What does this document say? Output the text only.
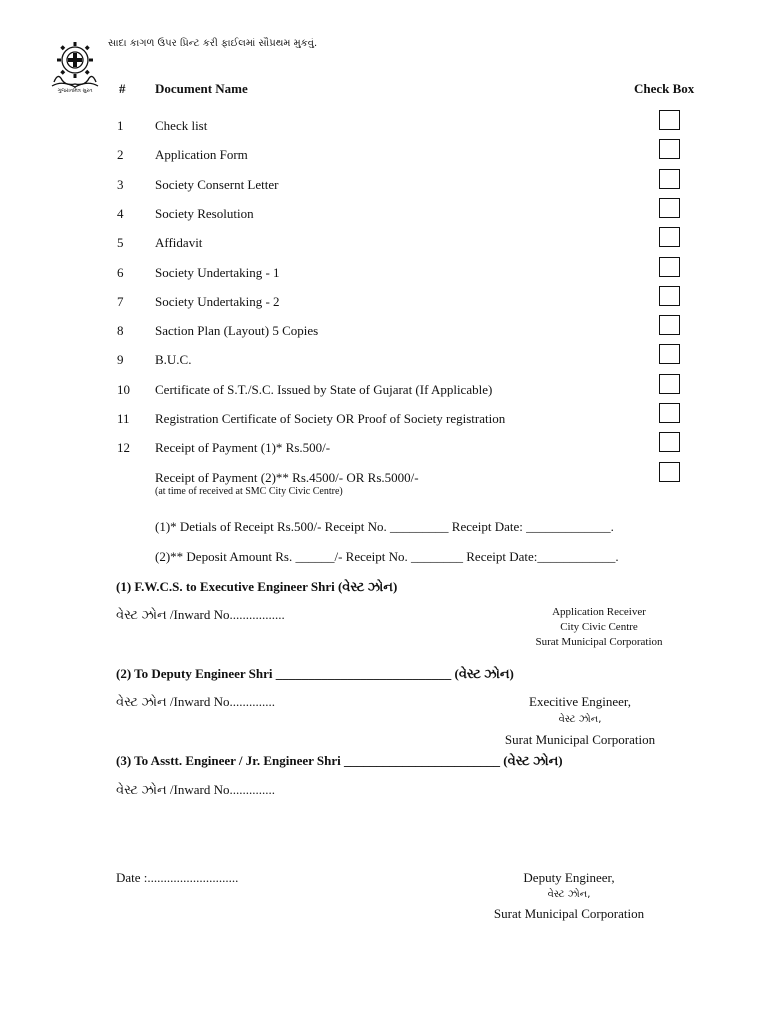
ગુજરાતમિત્ર સુરત
સાદા કાગળ ઉપર પ્રિન્ટ કરી ફાઈલમાં સૌપ્રથમ મુકવું.
# Document Name	Check Box
1 Check list
2 Application Form
3 Society Consernt Letter
4 Society Resolution
5 Affidavit
6 Society Undertaking - 1
7 Society Undertaking - 2
8 Saction Plan (Layout) 5 Copies
9 B.U.C.
10 Certificate of S.T./S.C. Issued by State of Gujarat (If Applicable)
11 Registration Certificate of Society OR Proof of Society registration
12 Receipt of Payment (1)* Rs.500/-
Receipt of Payment (2)** Rs.4500/- OR Rs.5000/-
(at time of received at SMC City Civic Centre)
(1)* Detials of Receipt Rs.500/- Receipt No. _________ Receipt Date: _____________.
(2)** Deposit Amount Rs. ______/- Receipt No. ________ Receipt Date:____________.
(1) F.W.C.S. to Executive Engineer Shri (વેસ્ટ ઝોન)
વેસ્ટ ઝોન /Inward No.................	Application Receiver
City Civic Centre
Surat Municipal Corporation
(2) To Deputy Engineer Shri ___________________________ (વેસ્ટ ઝોન)
વેસ્ટ ઝોન /Inward No..............	Execitive Engineer,
વેસ્ટ ઝોન,
Surat Municipal Corporation
(3) To Asstt. Engineer / Jr. Engineer Shri ________________________ (વેસ્ટ ઝોન)
વેસ્ટ ઝોન /Inward No..............
Date :............................	Deputy Engineer,
વેસ્ટ ઝોન,
Surat Municipal Corporation
